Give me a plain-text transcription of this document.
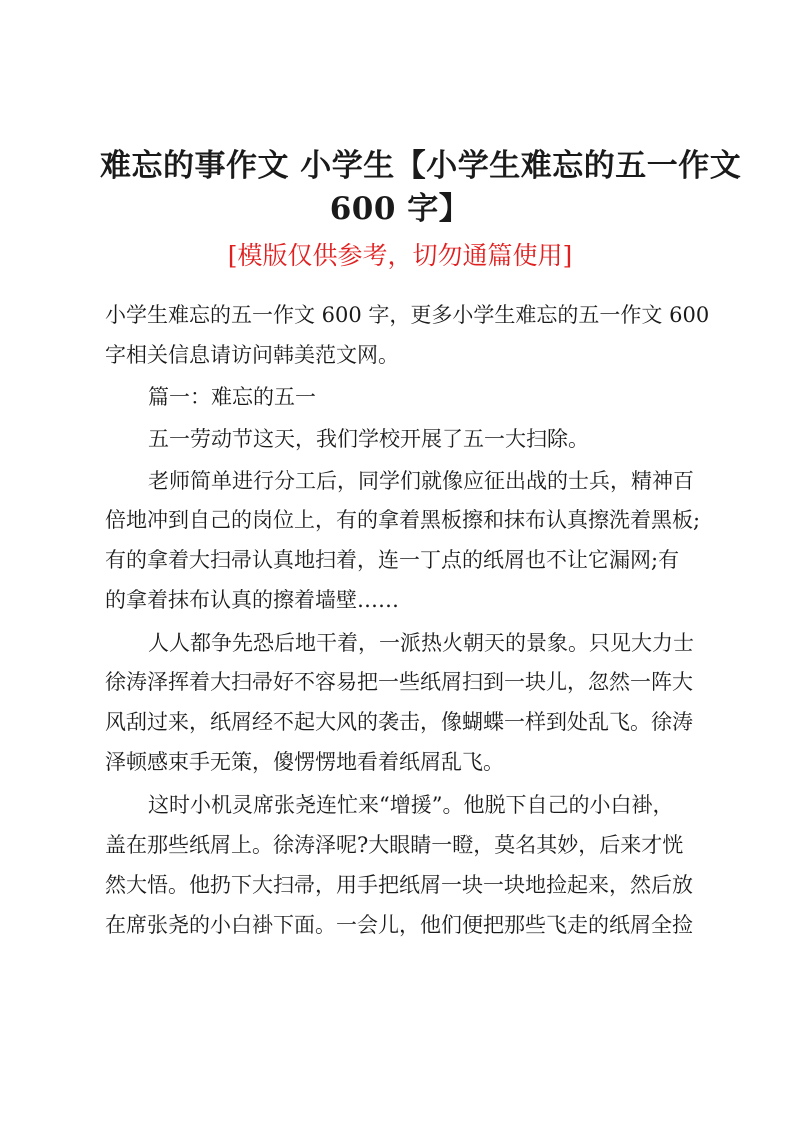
难忘的事作文 小学生【小学生难忘的五一作文
600 字】
[模版仅供参考，切勿通篇使用]
小学生难忘的五一作文 600 字，更多小学生难忘的五一作文 600
字相关信息请访问韩美范文网。
篇一：难忘的五一
五一劳动节这天，我们学校开展了五一大扫除。
老师简单进行分工后，同学们就像应征出战的士兵，精神百
倍地冲到自己的岗位上，有的拿着黑板擦和抹布认真擦洗着黑板;
有的拿着大扫帚认真地扫着，连一丁点的纸屑也不让它漏网;有
的拿着抹布认真的擦着墙壁……
人人都争先恐后地干着，一派热火朝天的景象。只见大力士
徐涛泽挥着大扫帚好不容易把一些纸屑扫到一块儿，忽然一阵大
风刮过来，纸屑经不起大风的袭击，像蝴蝶一样到处乱飞。徐涛
泽顿感束手无策，傻愣愣地看着纸屑乱飞。
这时小机灵席张尧连忙来“增援”。他脱下自己的小白褂，
盖在那些纸屑上。徐涛泽呢?大眼睛一瞪，莫名其妙，后来才恍
然大悟。他扔下大扫帚，用手把纸屑一块一块地捡起来，然后放
在席张尧的小白褂下面。一会儿，他们便把那些飞走的纸屑全捡
